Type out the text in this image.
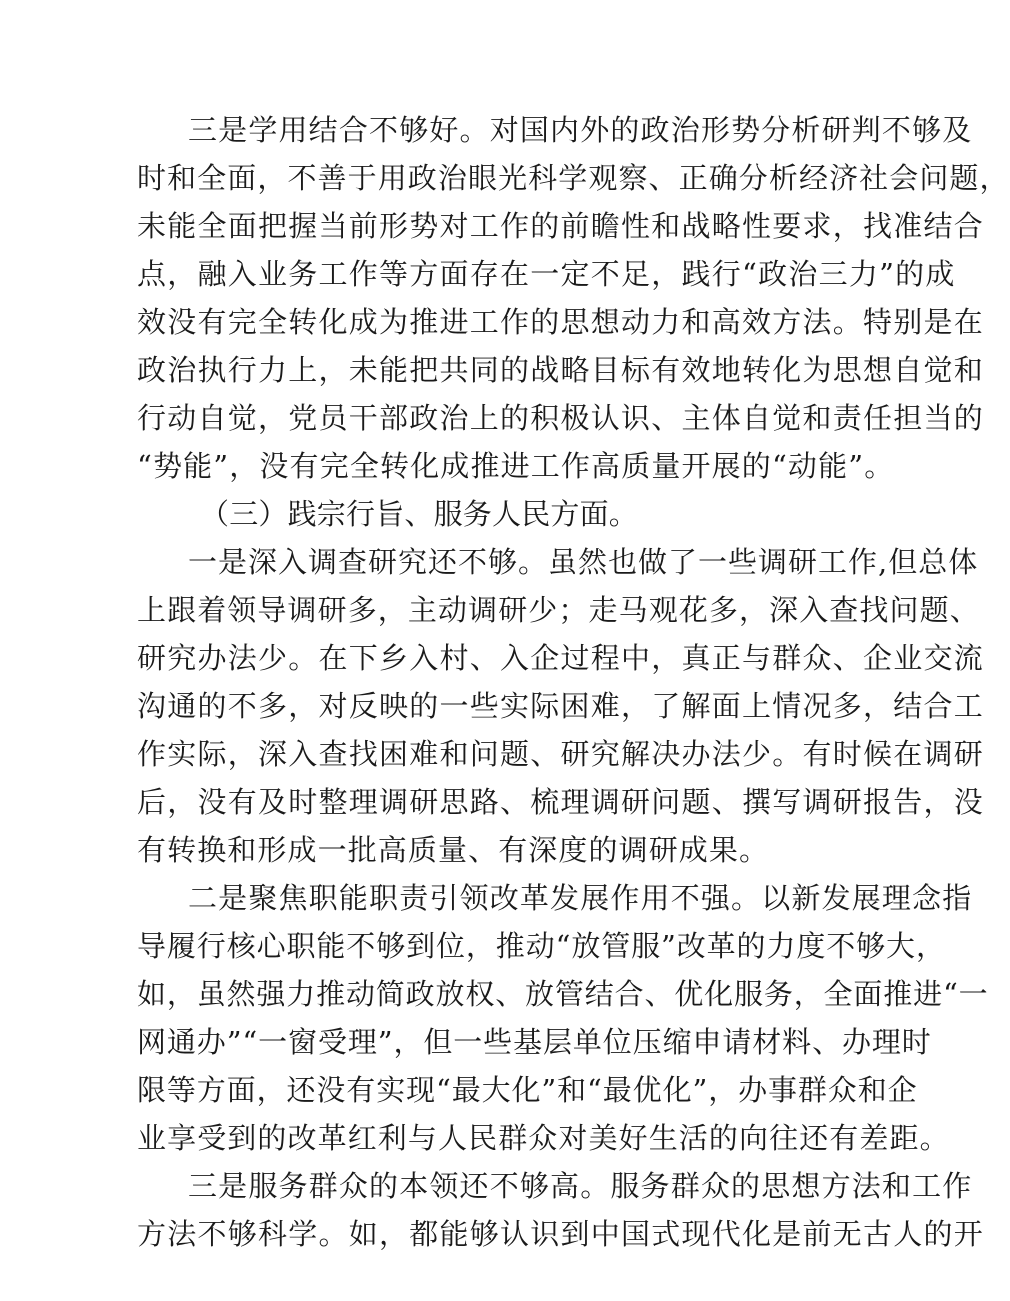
三是学用结合不够好。对国内外的政治形势分析研判不够及
时和全面，不善于用政治眼光科学观察、正确分析经济社会问题，
未能全面把握当前形势对工作的前瞻性和战略性要求，找准结合
点，融入业务工作等方面存在一定不足，践行“政治三力”的成
效没有完全转化成为推进工作的思想动力和高效方法。特别是在
政治执行力上，未能把共同的战略目标有效地转化为思想自觉和
行动自觉，党员干部政治上的积极认识、主体自觉和责任担当的
“势能”，没有完全转化成推进工作高质量开展的“动能”。
（三）践宗行旨、服务人民方面。
一是深入调查研究还不够。虽然也做了一些调研工作,但总体
上跟着领导调研多，主动调研少；走马观花多，深入查找问题、
研究办法少。在下乡入村、入企过程中，真正与群众、企业交流
沟通的不多，对反映的一些实际困难，了解面上情况多，结合工
作实际，深入查找困难和问题、研究解决办法少。有时候在调研
后，没有及时整理调研思路、梳理调研问题、撰写调研报告，没
有转换和形成一批高质量、有深度的调研成果。
二是聚焦职能职责引领改革发展作用不强。以新发展理念指
导履行核心职能不够到位，推动“放管服”改革的力度不够大，
如，虽然强力推动简政放权、放管结合、优化服务，全面推进“一
网通办”“一窗受理”，但一些基层单位压缩申请材料、办理时
限等方面，还没有实现“最大化”和“最优化”，办事群众和企
业享受到的改革红利与人民群众对美好生活的向往还有差距。
三是服务群众的本领还不够高。服务群众的思想方法和工作
方法不够科学。如，都能够认识到中国式现代化是前无古人的开
